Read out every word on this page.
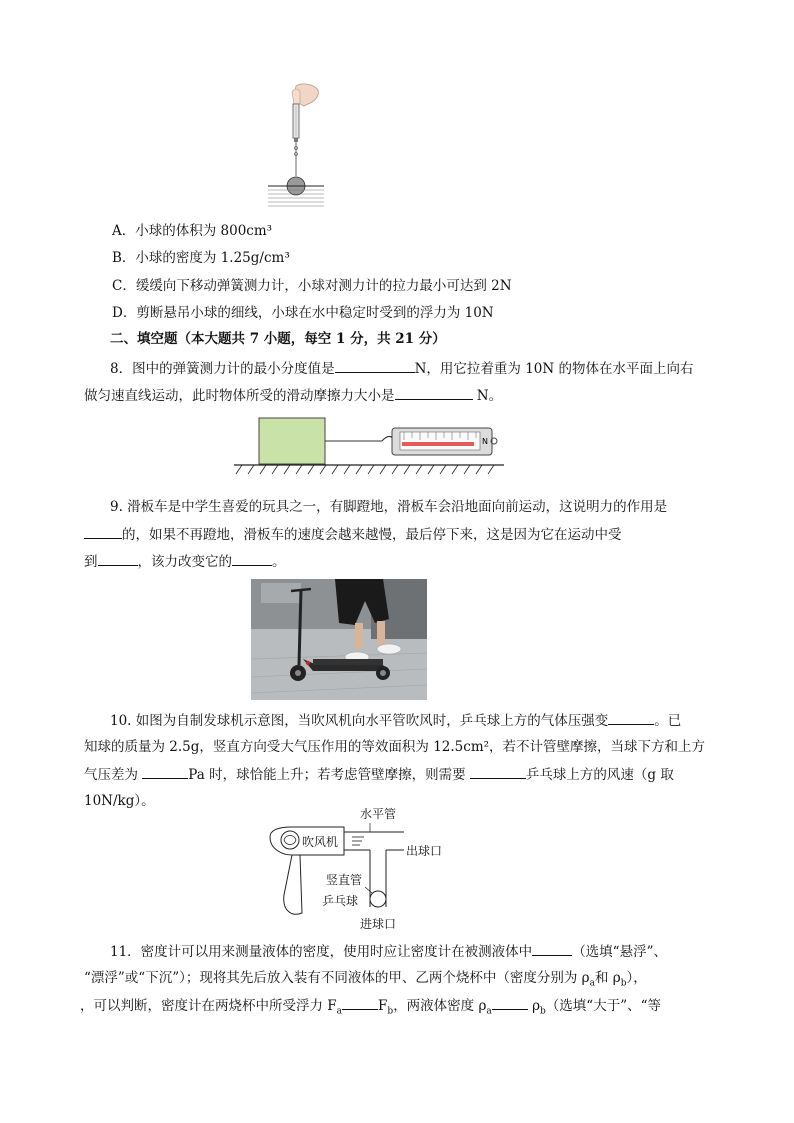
A．小球的体积为 800cm³
B．小球的密度为 1.25g/cm³
C．缓缓向下移动弹簧测力计，小球对测力计的拉力最小可达到 2N
D．剪断悬吊小球的细线，小球在水中稳定时受到的浮力为 10N
二、填空题（本大题共 7 小题，每空 1 分，共 21 分）
8．图中的弹簧测力计的最小分度值是	N，用它拉着重为 10N 的物体在水平面上向右
做匀速直线运动，此时物体所受的滑动摩擦力大小是	N。
N
9. 滑板车是中学生喜爱的玩具之一，有脚蹬地，滑板车会沿地面向前运动，这说明力的作用是
的，如果不再蹬地，滑板车的速度会越来越慢，最后停下来，这是因为它在运动中受
到	，该力改变它的	。
10. 如图为自制发球机示意图，当吹风机向水平管吹风时，乒乓球上方的气体压强变	。已
知球的质量为 2.5g，竖直方向受大气压作用的等效面积为 12.5cm²，若不计管壁摩擦，当球下方和上方
气压差为	Pa 时，球恰能上升；若考虑管壁摩擦，则需要	乒乓球上方的风速（g 取
10N/kg）。
水平管
吹风机
出球口
竖直管
乒乓球
进球口
11．密度计可以用来测量液体的密度，使用时应让密度计在被测液体中	（选填“悬浮”、
“漂浮”或“下沉”）；现将其先后放入装有不同液体的甲、乙两个烧杯中（密度分别为 $\rho_a$和 $\rho_b$），
，可以判断，密度计在两烧杯中所受浮力 $F_a$	$F_b$，两液体密度 $\rho_a$	$\rho_b$（选填“大于”、“等
